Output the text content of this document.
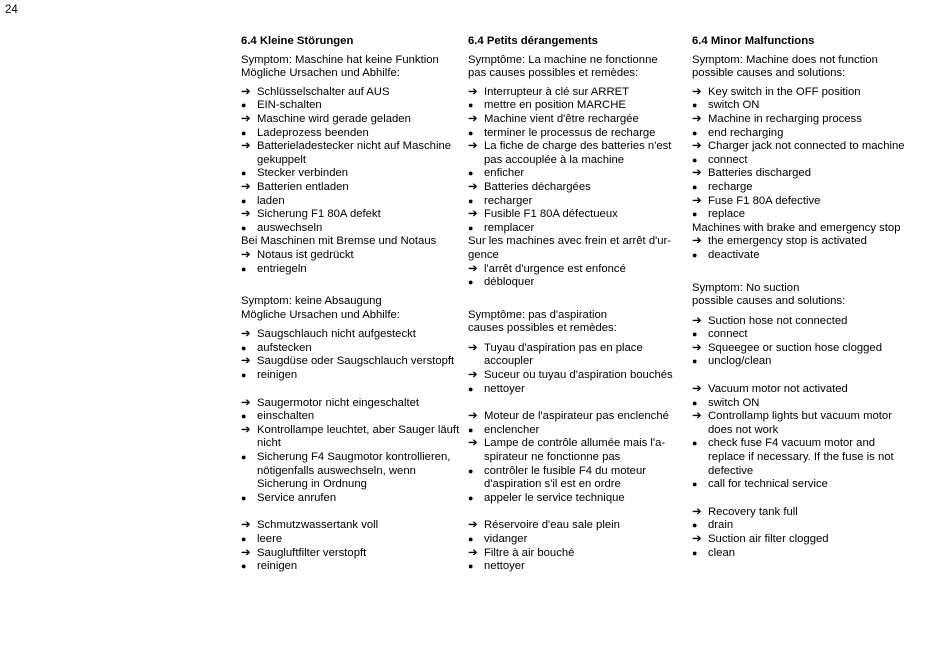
24
6.4 Kleine Störungen
Symptom: Maschine hat keine Funktion
Mögliche Ursachen und Abhilfe:
➔ Schlüsselschalter auf AUS
● EIN-schalten
➔ Maschine wird gerade geladen
● Ladeprozess beenden
➔ Batterieladestecker nicht auf Maschine gekuppelt
● Stecker verbinden
➔ Batterien entladen
● laden
➔ Sicherung F1 80A defekt
● auswechseln
Bei Maschinen mit Bremse und Notaus
➔ Notaus ist gedrückt
● entriegeln
Symptom: keine Absaugung
Mögliche Ursachen und Abhilfe:
➔ Saugschlauch nicht aufgesteckt
● aufstecken
➔ Saugdüse oder Saugschlauch verstopft
● reinigen
➔ Saugermotor nicht eingeschaltet
● einschalten
➔ Kontrollampe leuchtet, aber Sauger läuft nicht
● Sicherung F4 Saugmotor kontrollieren, nötigenfalls auswechseln, wenn Sicherung in Ordnung
● Service anrufen
➔ Schmutzwassertank voll
● leere
➔ Saugluftfilter verstopft
● reinigen
6.4 Petits dérangements
Symptôme: La machine ne fonctionne
pas causes possibles et remèdes:
➔ Interrupteur à clé sur ARRET
● mettre en position MARCHE
➔ Machine vient d'être rechargée
● terminer le processus de recharge
➔ La fiche de charge des batteries n'est pas accouplée à la machine
● enficher
➔ Batteries déchargées
● recharger
➔ Fusible F1 80A défectueux
● remplacer
Sur les machines avec frein et arrêt d'ur-gence
➔ l'arrêt d'urgence est enfoncé
● débloquer
Symptôme: pas d'aspiration
causes possibles et remèdes:
➔ Tuyau d'aspiration pas en place accoupler
➔ Suceur ou tuyau d'aspiration bouchés
● nettoyer
➔ Moteur de l'aspirateur pas enclenché
● enclencher
➔ Lampe de contrôle allumée mais l'a-spirateur ne fonctionne pas
● contrôler le fusible F4 du moteur d'aspiration s'il est en ordre
● appeler le service technique
➔ Réservoire d'eau sale plein
● vidanger
➔ Filtre à air bouché
● nettoyer
6.4 Minor Malfunctions
Symptom: Machine does not function
possible causes and solutions:
➔ Key switch in the OFF position
● switch ON
➔ Machine in recharging process
● end recharging
➔ Charger jack not connected to machine
● connect
➔ Batteries discharged
● recharge
➔ Fuse F1 80A defective
● replace
Machines with brake and emergency stop
➔ the emergency stop is activated
● deactivate
Symptom: No suction
possible causes and solutions:
➔ Suction hose not connected
● connect
➔ Squeegee or suction hose clogged
● unclog/clean
➔ Vacuum motor not activated
● switch ON
➔ Controllamp lights but vacuum motor does not work
● check fuse F4 vacuum motor and replace if necessary. If the fuse is not defective
● call for technical service
➔ Recovery tank full
● drain
➔ Suction air filter clogged
● clean
